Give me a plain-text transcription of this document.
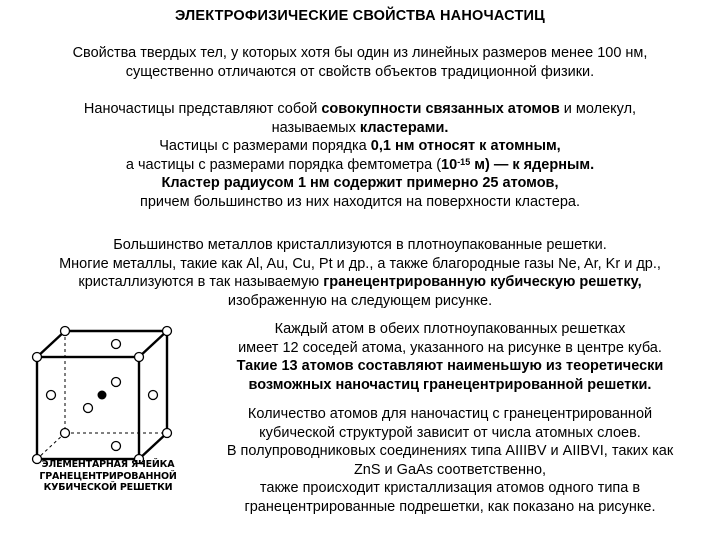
ЭЛЕКТРОФИЗИЧЕСКИЕ СВОЙСТВА НАНОЧАСТИЦ
Свойства твердых тел, у которых хотя бы один из линейных размеров менее 100 нм,
существенно отличаются от свойств объектов традиционной физики.
Наночастицы представляют собой совокупности связанных атомов и молекул,
называемых кластерами.
Частицы с размерами порядка 0,1 нм относят к атомным,
а частицы с размерами порядка фемтометра ($10^{-15}$ м) — к ядерным.
Кластер радиусом 1 нм содержит примерно 25 атомов,
причем большинство из них находится на поверхности кластера.
Большинство металлов кристаллизуются в плотноупакованные решетки.
Многие металлы, такие как Al, Au, Cu, Pt и др., а также благородные газы Ne, Ar, Kr и др.,
кристаллизуются в так называемую гранецентрированную кубическую решетку,
изображенную на следующем рисунке.
ЭЛЕМЕНТАРНАЯ ЯЧЕЙКА
ГРАНЕЦЕНТРИРОВАННОЙ
КУБИЧЕСКОЙ РЕШЕТКИ
Каждый атом в обеих плотноупакованных решетках
имеет 12 соседей атома, указанного на рисунке в центре куба.
Такие 13 атомов составляют наименьшую из теоретически
возможных наночастиц гранецентрированной решетки.
Количество атомов для наночастиц с гранецентрированной
кубической структурой зависит от числа атомных слоев.
В полупроводниковых соединениях типа AIIIBV и AIIBVI, таких как
ZnS и GaAs соответственно,
также происходит кристаллизация атомов одного типа в
гранецентрированные подрешетки, как показано на рисунке.
